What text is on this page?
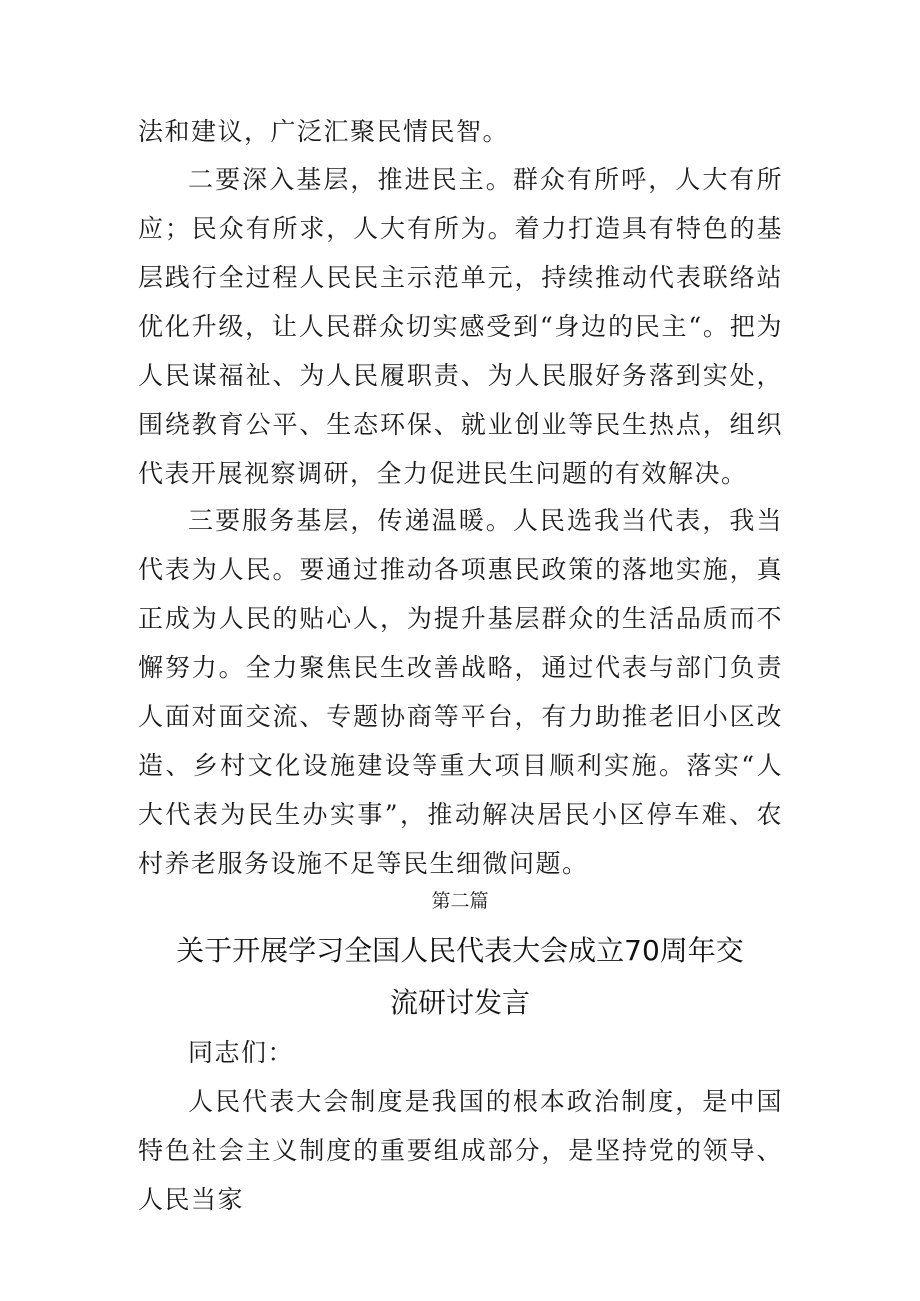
法和建议，广泛汇聚民情民智。

二要深入基层，推进民主。群众有所呼，人大有所应；民众有所求，人大有所为。着力打造具有特色的基层践行全过程人民民主示范单元，持续推动代表联络站优化升级，让人民群众切实感受到“身边的民主“。把为人民谋福祉、为人民履职责、为人民服好务落到实处，围绕教育公平、生态环保、就业创业等民生热点，组织代表开展视察调研，全力促进民生问题的有效解决。

三要服务基层，传递温暖。人民选我当代表，我当代表为人民。要通过推动各项惠民政策的落地实施，真正成为人民的贴心人，为提升基层群众的生活品质而不懈努力。全力聚焦民生改善战略，通过代表与部门负责人面对面交流、专题协商等平台，有力助推老旧小区改造、乡村文化设施建设等重大项目顺利实施。落实“人大代表为民生办实事”，推动解决居民小区停车难、农村养老服务设施不足等民生细微问题。

第二篇

关于开展学习全国人民代表大会成立70周年交
流研讨发言

同志们：

人民代表大会制度是我国的根本政治制度，是中国特色社会主义制度的重要组成部分，是坚持党的领导、人民当家
